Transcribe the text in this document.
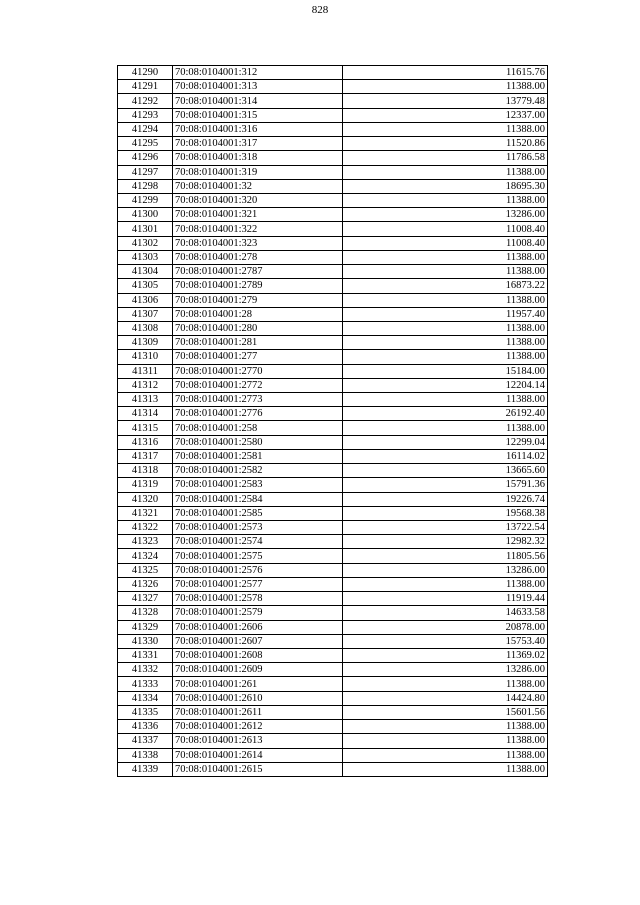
828
41290	70:08:0104001:312	11615.76
41291	70:08:0104001:313	11388.00
41292	70:08:0104001:314	13779.48
41293	70:08:0104001:315	12337.00
41294	70:08:0104001:316	11388.00
41295	70:08:0104001:317	11520.86
41296	70:08:0104001:318	11786.58
41297	70:08:0104001:319	11388.00
41298	70:08:0104001:32	18695.30
41299	70:08:0104001:320	11388.00
41300	70:08:0104001:321	13286.00
41301	70:08:0104001:322	11008.40
41302	70:08:0104001:323	11008.40
41303	70:08:0104001:278	11388.00
41304	70:08:0104001:2787	11388.00
41305	70:08:0104001:2789	16873.22
41306	70:08:0104001:279	11388.00
41307	70:08:0104001:28	11957.40
41308	70:08:0104001:280	11388.00
41309	70:08:0104001:281	11388.00
41310	70:08:0104001:277	11388.00
41311	70:08:0104001:2770	15184.00
41312	70:08:0104001:2772	12204.14
41313	70:08:0104001:2773	11388.00
41314	70:08:0104001:2776	26192.40
41315	70:08:0104001:258	11388.00
41316	70:08:0104001:2580	12299.04
41317	70:08:0104001:2581	16114.02
41318	70:08:0104001:2582	13665.60
41319	70:08:0104001:2583	15791.36
41320	70:08:0104001:2584	19226.74
41321	70:08:0104001:2585	19568.38
41322	70:08:0104001:2573	13722.54
41323	70:08:0104001:2574	12982.32
41324	70:08:0104001:2575	11805.56
41325	70:08:0104001:2576	13286.00
41326	70:08:0104001:2577	11388.00
41327	70:08:0104001:2578	11919.44
41328	70:08:0104001:2579	14633.58
41329	70:08:0104001:2606	20878.00
41330	70:08:0104001:2607	15753.40
41331	70:08:0104001:2608	11369.02
41332	70:08:0104001:2609	13286.00
41333	70:08:0104001:261	11388.00
41334	70:08:0104001:2610	14424.80
41335	70:08:0104001:2611	15601.56
41336	70:08:0104001:2612	11388.00
41337	70:08:0104001:2613	11388.00
41338	70:08:0104001:2614	11388.00
41339	70:08:0104001:2615	11388.00
